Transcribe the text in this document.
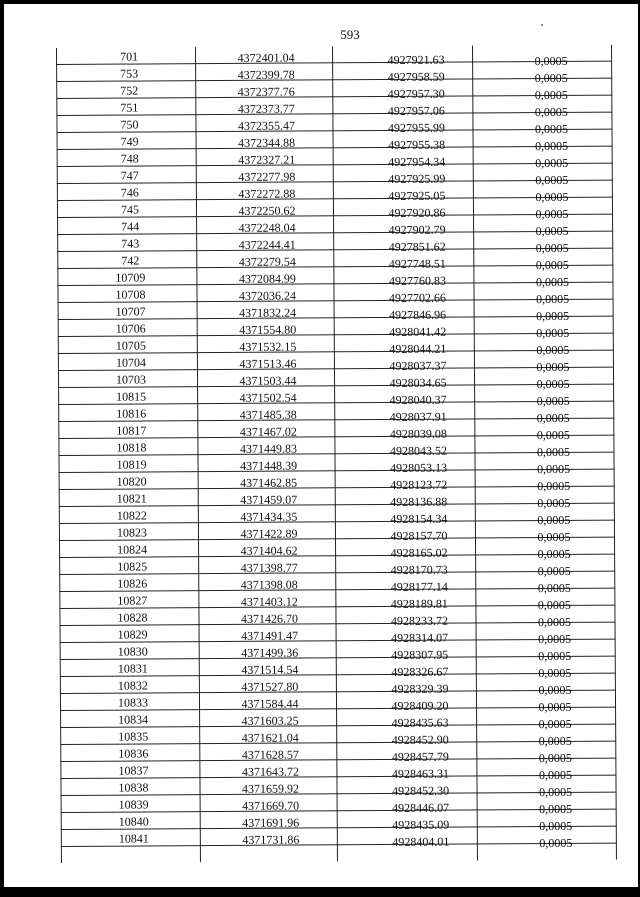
593
701	4372401.04	4927921.63	0,0005
753	4372399.78	4927958.59	0,0005
752	4372377.76	4927957.30	0,0005
751	4372373.77	4927957.06	0,0005
750	4372355.47	4927955.99	0,0005
749	4372344.88	4927955.38	0,0005
748	4372327.21	4927954.34	0,0005
747	4372277.98	4927925.99	0,0005
746	4372272.88	4927925.05	0,0005
745	4372250.62	4927920.86	0,0005
744	4372248.04	4927902.79	0,0005
743	4372244.41	4927851.62	0,0005
742	4372279.54	4927748.51	0,0005
10709	4372084.99	4927760.83	0,0005
10708	4372036.24	4927702.66	0,0005
10707	4371832.24	4927846.96	0,0005
10706	4371554.80	4928041.42	0,0005
10705	4371532.15	4928044.21	0,0005
10704	4371513.46	4928037.37	0,0005
10703	4371503.44	4928034.65	0,0005
10815	4371502.54	4928040.37	0,0005
10816	4371485.38	4928037.91	0,0005
10817	4371467.02	4928039.08	0,0005
10818	4371449.83	4928043.52	0,0005
10819	4371448.39	4928053.13	0,0005
10820	4371462.85	4928123.72	0,0005
10821	4371459.07	4928136.88	0,0005
10822	4371434.35	4928154.34	0,0005
10823	4371422.89	4928157.70	0,0005
10824	4371404.62	4928165.02	0,0005
10825	4371398.77	4928170.73	0,0005
10826	4371398.08	4928177.14	0,0005
10827	4371403.12	4928189.81	0,0005
10828	4371426.70	4928233.72	0,0005
10829	4371491.47	4928314.07	0,0005
10830	4371499.36	4928307.95	0,0005
10831	4371514.54	4928326.67	0,0005
10832	4371527.80	4928329.39	0,0005
10833	4371584.44	4928409.20	0,0005
10834	4371603.25	4928435.63	0,0005
10835	4371621.04	4928452.90	0,0005
10836	4371628.57	4928457.79	0,0005
10837	4371643.72	4928463.31	0,0005
10838	4371659.92	4928452.30	0,0005
10839	4371669.70	4928446.07	0,0005
10840	4371691.96	4928435.09	0,0005
10841	4371731.86	4928404.01	0,0005
